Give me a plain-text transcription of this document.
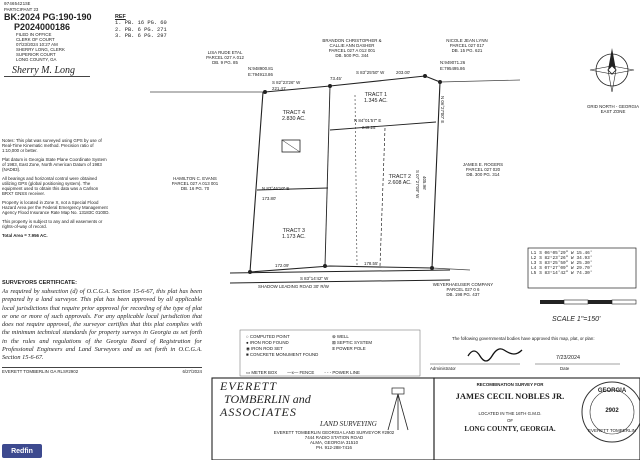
07465421SE
PARTICIPANT 23
BK:2024 PG:190-190
P2024000186
FILED IN OFFICE
CLERK OF COURT
07/23/2024 10:27 AM
SHERRY LONG, CLERK
SUPERIOR COURT
LONG COUNTY, GA
Sherry M. Long
Notes: This plat was surveyed using GPS by use of Real-Time Kinematic method. Precision ratio of 1:10,000 or better.
Plat datum is Georgia State Plane Coordinate System of 1983, East Zone, North American Datum of 1983 (NAD83).
All bearings and horizontal control were obtained utilizing GPS (global positioning system). The equipment used to obtain this data was a Carlson BRX7 GNSS receiver.
Property is located in Zone X, not a Special Flood Hazard Area per the Federal Emergency Management Agency Flood Insurance Rate Map No. 13183C 0100D.
This property is subject to any and all easements or rights-of-way of record.
Total Area = 7.956 AC.
SURVEYORS CERTIFICATE:
As required by subsection (d) of O.C.G.A. Section 15-6-67, this plat has been prepared by a land surveyor. This plat has been approved by all applicable local jurisdictions that require prior approval for recording of the type of plat or one or more of such approvals. For any applicable local jurisdiction that does not require approval, the surveyor certifies that this plat complies with the minimum technical standards for property surveys in Georgia as set forth in the rules and regulations of the Georgia Board of Registration for Professional Engineers and Land Surveyors and as set forth in O.C.G.A. Section 15-6-67.
EVERETT TOMBERLIN GA RLS#2902	6/27/2024
REF
1. PB. 16 PG. 60
2. PB. 6 PG. 271
3. PB. 6 PG. 297
LISA RUDE ETAL
PARCEL 027 A 012
DB. 9 PG. 85
BRANDON CHRISTOPHER &
CALLIE ANN DASHER
PARCEL 027 A 012 001
DB. 500 PG. 344
NICOLE JEAN LYNN
PARCEL 027 017
DB. 15 PG. 621
HAMILTON C. EVANS
PARCEL 027 A 013 001
DB. 16 PG. 70
JAMES E. ROGERS
PARCEL 027 020
DB. 300 PG. 314
WEYERHAEUSER COMPANY
PARCEL 027 0 6
DB. 198 PG. 437
TRACT 4
2.830 AC.
TRACT 1
1.345 AC.
TRACT 2
2.608 AC.
TRACT 3
1.173 AC.
S 82°23'26" W
221.41'
S 83°25'50" W
73.45'
203.00'
N 84°01'57" E
249.25'
173.80'
N 83°46'10" E
172.09'	178.55'
S 83°14'42" W
N:948900.81
E:794913.86
N:949071.26
E:795495.86
N 06°27'00" E
S 07°27'09" W 405.96'
SHADOW LEADING ROAD 30' R/W
GRID NORTH - GEORGIA EAST ZONE
L1 S 06°05'29" W 15.46'
L2 S 82°23'26" W 34.93'
L3 S 83°25'50" W 25.30'
L4 S 07°27'09" W 29.70'
L5 S 83°14'42" W 74.30'
SCALE 1"=150'
○ COMPUTED POINT	⊗ WELL
● IRON ROD FOUND	⊠ SEPTIC SYSTEM
◉ IRON ROD SET	⦻ POWER POLE
■ CONCRETE MONUMENT FOUND
▭ METER BOX —x— FENCE - - - POWER LINE
The following governmental bodies have approved this map, plat, or plan:
Administrator
7/23/2024
Date
EVERETT
TOMBERLIN and
ASSOCIATES
LAND SURVEYING
EVERETT TOMBERLIN GEORGIA LAND SURVEYOR #2902
7444 RADIO STATION ROAD
ALMA, GEORGIA 31510
PH. 912-288-7416
RECOMBINATION SURVEY FOR
JAMES CECIL NOBLES JR.
LOCATED IN THE 16TH G.M.D.
OF
LONG COUNTY, GEORGIA.
GEORGIA
2902
EVERETT TOMBERLIN
Redfin
